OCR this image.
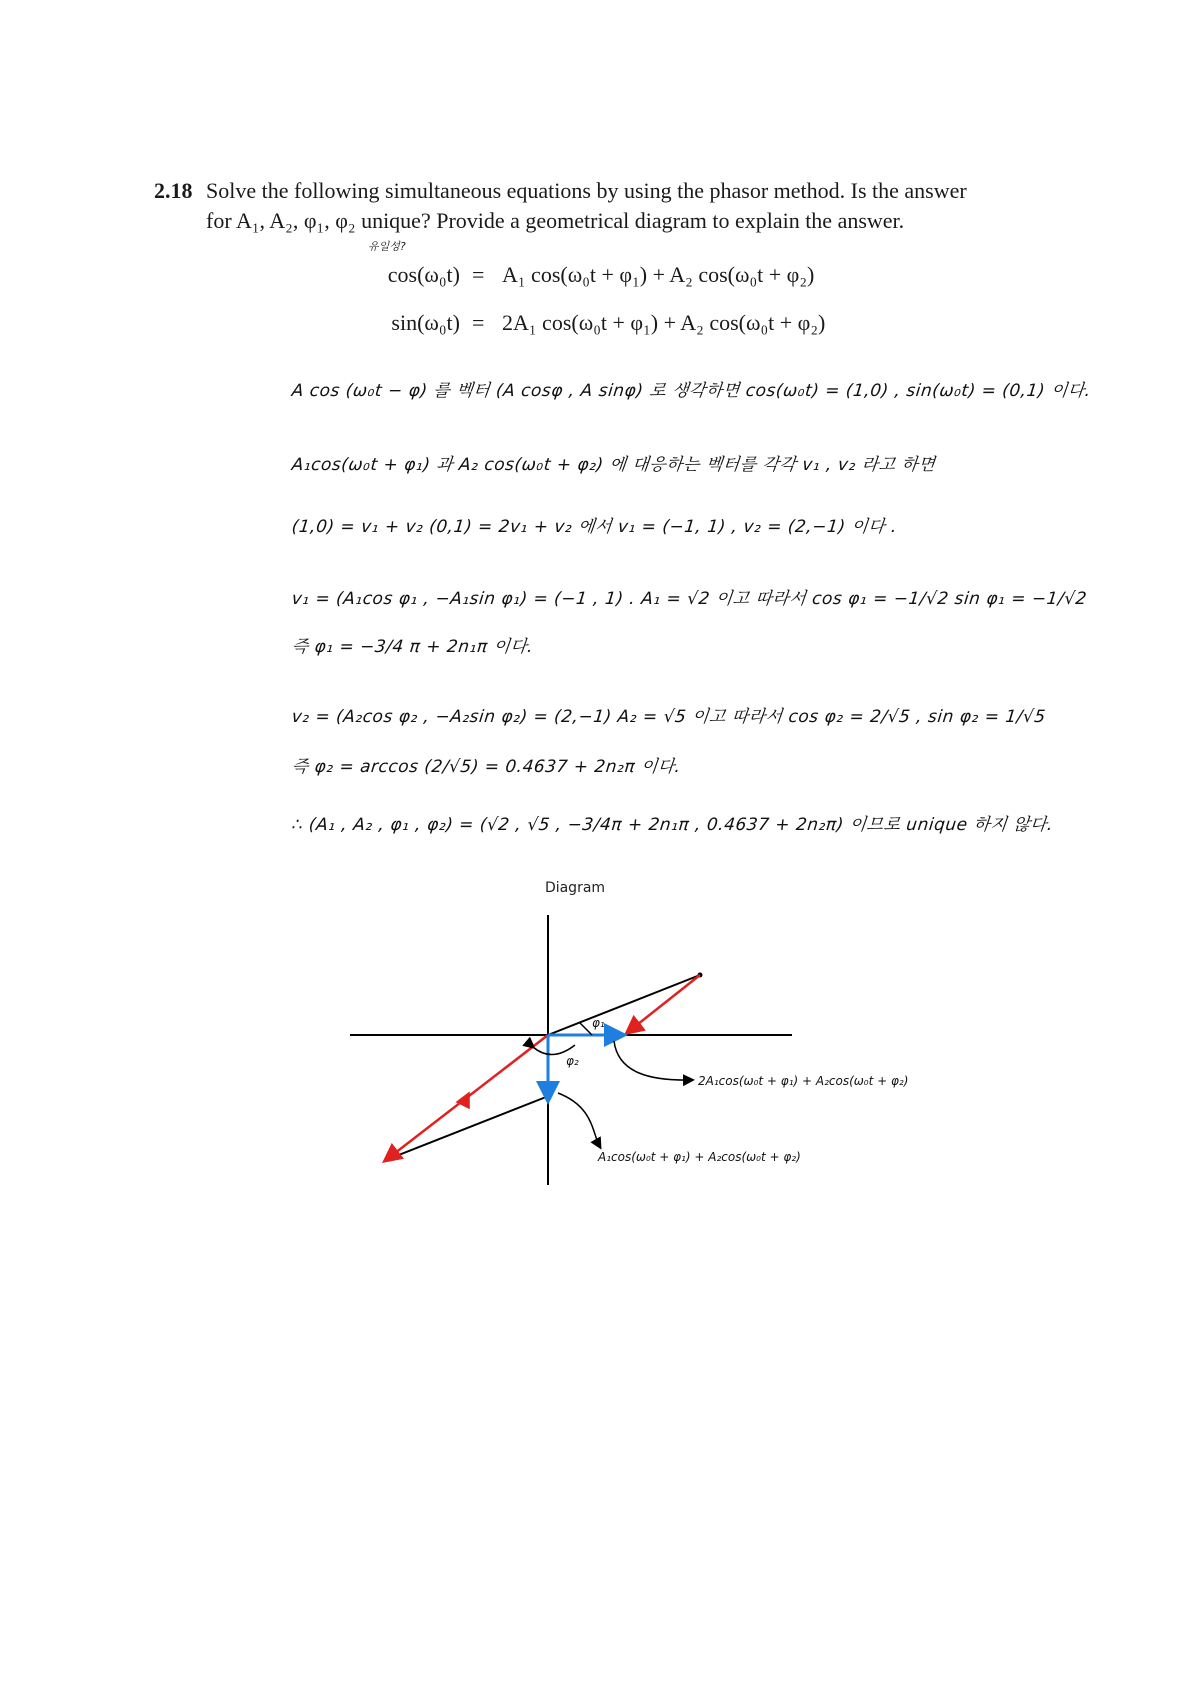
2.18 Solve the following simultaneous equations by using the phasor method. Is the answer
for A₁, A₂, φ₁, φ₂ unique? Provide a geometrical diagram to explain the answer.
유일성?
cos(ω₀t) = A₁ cos(ω₀t + φ₁) + A₂ cos(ω₀t + φ₂)
sin(ω₀t) = 2A₁ cos(ω₀t + φ₁) + A₂ cos(ω₀t + φ₂)
A cos (ω₀t − φ) 를 벡터 (A cosφ , A sinφ) 로 생각하면 cos(ω₀t) = (1,0) , sin(ω₀t) = (0,1) 이다.
A₁cos(ω₀t + φ₁) 과 A₂ cos(ω₀t + φ₂) 에 대응하는 벡터를 각각 v₁ , v₂ 라고 하면
(1,0) = v₁ + v₂ (0,1) = 2v₁ + v₂ 에서 v₁ = (−1, 1) , v₂ = (2,−1) 이다 .
v₁ = (A₁cos φ₁ , −A₁sin φ₁) = (−1 , 1) . A₁ = √2 이고 따라서 cos φ₁ = −1/√2 sin φ₁ = −1/√2
즉 φ₁ = −3/4 π + 2n₁π 이다.
v₂ = (A₂cos φ₂ , −A₂sin φ₂) = (2,−1) A₂ = √5 이고 따라서 cos φ₂ = 2/√5 , sin φ₂ = 1/√5
즉 φ₂ = arccos (2/√5) = 0.4637 + 2n₂π 이다.
∴ (A₁ , A₂ , φ₁ , φ₂) = (√2 , √5 , −3/4π + 2n₁π , 0.4637 + 2n₂π) 이므로 unique 하지 않다.
Diagram
φ₁
φ₂
2A₁cos(ω₀t + φ₁) + A₂cos(ω₀t + φ₂)
A₁cos(ω₀t + φ₁) + A₂cos(ω₀t + φ₂)
